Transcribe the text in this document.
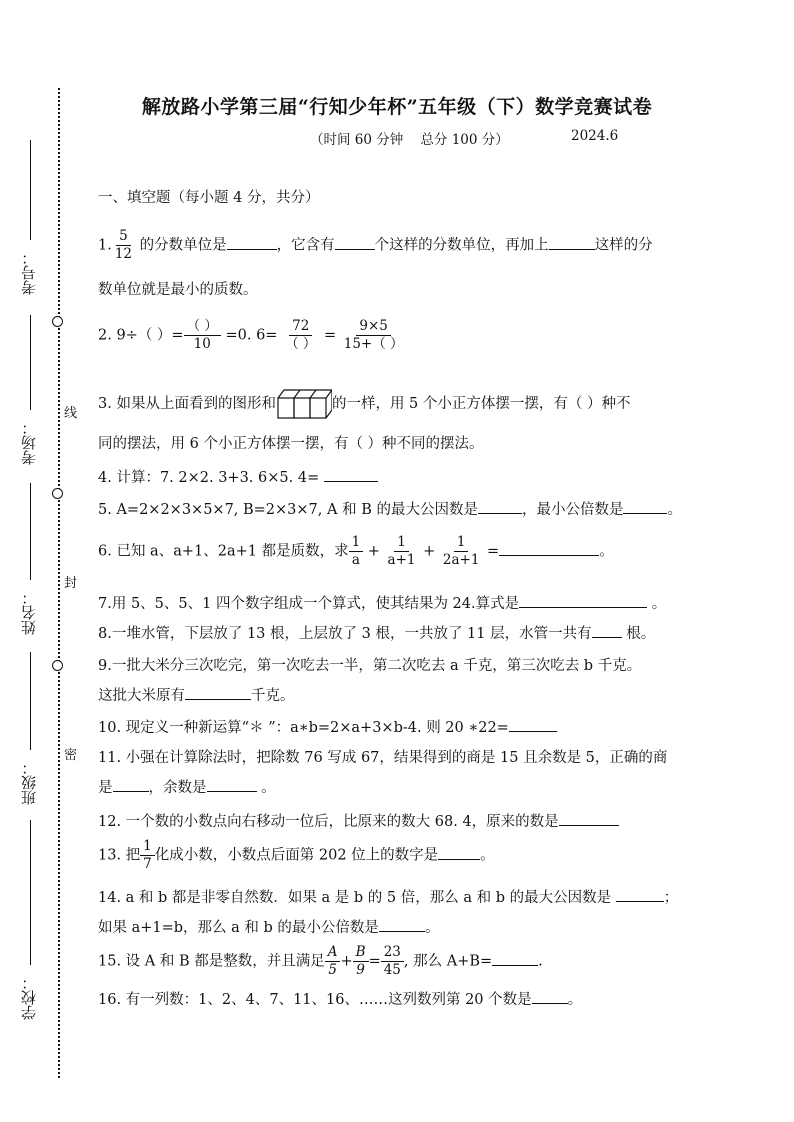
考号：
考场：
姓名：
班级：
学校：
线
封
密
解放路小学第三届“行知少年杯”五年级（下）数学竞赛试卷
（时间 60 分钟    总分 100 分）	2024.6
一、填空题（每小题 4 分，共分）
1. $\frac{5}{12}$ 的分数单位是	，它含有	个这样的分数单位，再加上	这样的分
数单位就是最小的质数。
2. 9÷（ ）= $\frac{( )}{10} =0$. $6= \frac{72}{( )} = \frac{9\times 5}{15+( )}$
3. 如果从上面看到的图形和	的一样，用 5 个小正方体摆一摆，有（ ）种不
同的摆法，用 6 个小正方体摆一摆，有（ ）种不同的摆法。
4. 计算：7. 2×2. 3+3. 6×5. 4=
5. A=2×2×3×5×7, B=2×3×7, A 和 B 的最大公因数是	，最小公倍数是	。
6. 已知 a、a+1、2a+1 都是质数，求 $\frac{1}{a} + \frac{1}{a+1} + \frac{1}{2a+1}$ =	。
7.用 5、5、5、1 四个数字组成一个算式，使其结果为 24.算式是	。
8.一堆水管，下层放了 13 根，上层放了 3 根，一共放了 11 层，水管一共有 根。
9.一批大米分三次吃完，第一次吃去一半，第二次吃去 a 千克，第三次吃去 b 千克。
这批大米原有	千克。
10. 现定义一种新运算“＊ ”：a∗b=2×a+3×b-4. 则 20 ∗22=
11. 小强在计算除法时，把除数 76 写成 67，结果得到的商是 15 且余数是 5，正确的商
是 ，余数是	。
12. 一个数的小数点向右移动一位后，比原来的数大 68. 4，原来的数是
13. 把 $\frac{1}{7}$ 化成小数，小数点后面第 202 位上的数字是	。
14. a 和 b 都是非零自然数．如果 a 是 b 的 5 倍，那么 a 和 b 的最大公因数是	；
如果 a+1=b，那么 a 和 b 的最小公倍数是	。
15. 设 A 和 B 都是整数，并且满足 $\frac{A}{5} + \frac{B}{9} = \frac{23}{45}$ , 那么 A+B=	.
16. 有一列数：1、2、4、7、11、16、……这列数列第 20 个数是 。
